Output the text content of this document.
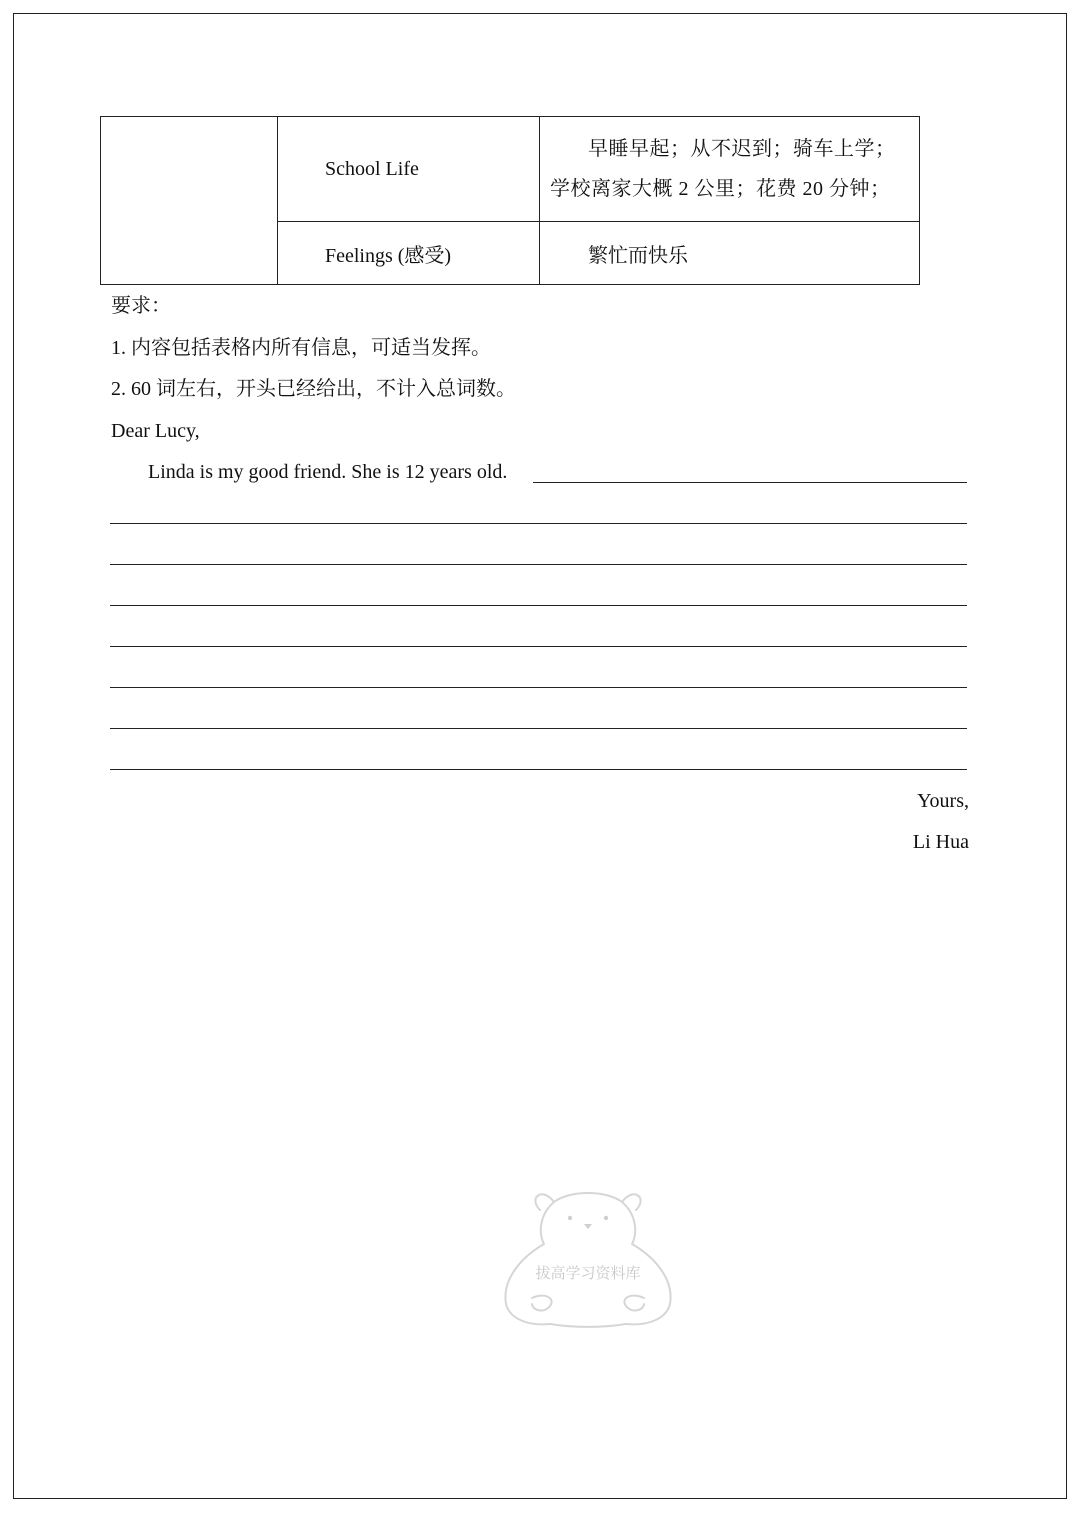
	School Life	早睡早起；从不迟到；骑车上学；学校离家大概 2 公里；花费 20 分钟；

	Feelings (感受)	繁忙而快乐
要求：
1. 内容包括表格内所有信息，可适当发挥。
2. 60 词左右，开头已经给出，不计入总词数。
Dear Lucy,
Linda is my good friend. She is 12 years old.
Yours,
Li Hua
拔高学习资料库
